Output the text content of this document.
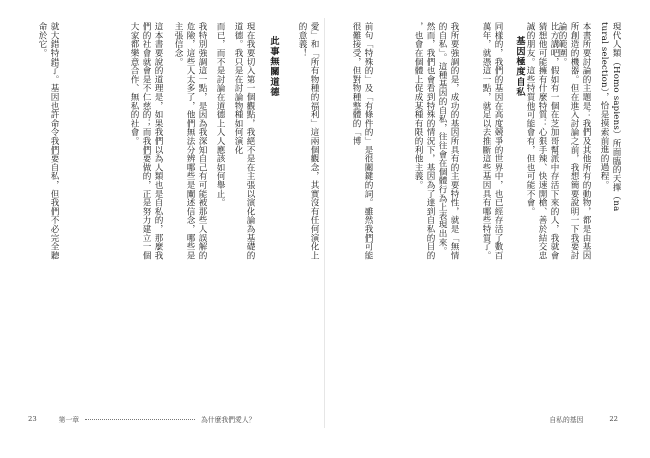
愛」和「所有物種的福利」這兩個觀念，其實沒有任何演化上
的意義！
此事無關道德
現在我要切入第一個觀點，我絕不是在主張以演化論為基礎的
道德。我只是在討論物種如何演化
而已，而不是討論在道德上人人應該如何舉止。
我特別強調這一點，是因為我深知自己有可能被那些人誤解的
危險，這些人太多了，他們無法分辨哪些是闡述信念，哪些是
主張信念。
這本書要說的道理是，如果我們以為人類也是自私的，那麼我
們的社會就會是不仁慈的；而我們要做的，正是努力建立一個
大家都樂意合作、無私的社會。
就大錯特錯了。基因也許命令我們要自私，但我們不必完全聽
命於它。
23	第一章	為什麼我們愛人？
現代人類（Homo sapiens）所面臨的天擇（na
tural selection），恰是摸索前進的過程。
本書所要討論的主題是：我們及其他所有的動物，都是由基因
所創造的機器。但在進入討論之前，我想簡要說明一下我要討
論的範圍。
比方講吧，假如有一個在芝加哥幫派中存活下來的人，我就會
猜想他可能擁有什麼特質：心狠手辣、快速開槍、善於結交忠
誠的朋友。這些特質他可能會有，但也可能不會。
基因極度自私
同樣的，我們的基因在高度競爭的世界中，也已經存活了數百
萬年，就憑這一點，就足以去推斷這些基因具有哪些特質了。
我所要強調的是，成功的基因所具有的主要特性，就是「無情
的自私」。這種基因的自私，往往會在個體行為上表現出來。
然而，我們也會看到特殊的情況下，基因為了達到自私的目的
，也會在個體上促成某種有限的利他主義。
前句「特殊的」及「有條件的」是很關鍵的詞。雖然我們可能
很難接受，但對物種整體的「博
自私的基因	22
